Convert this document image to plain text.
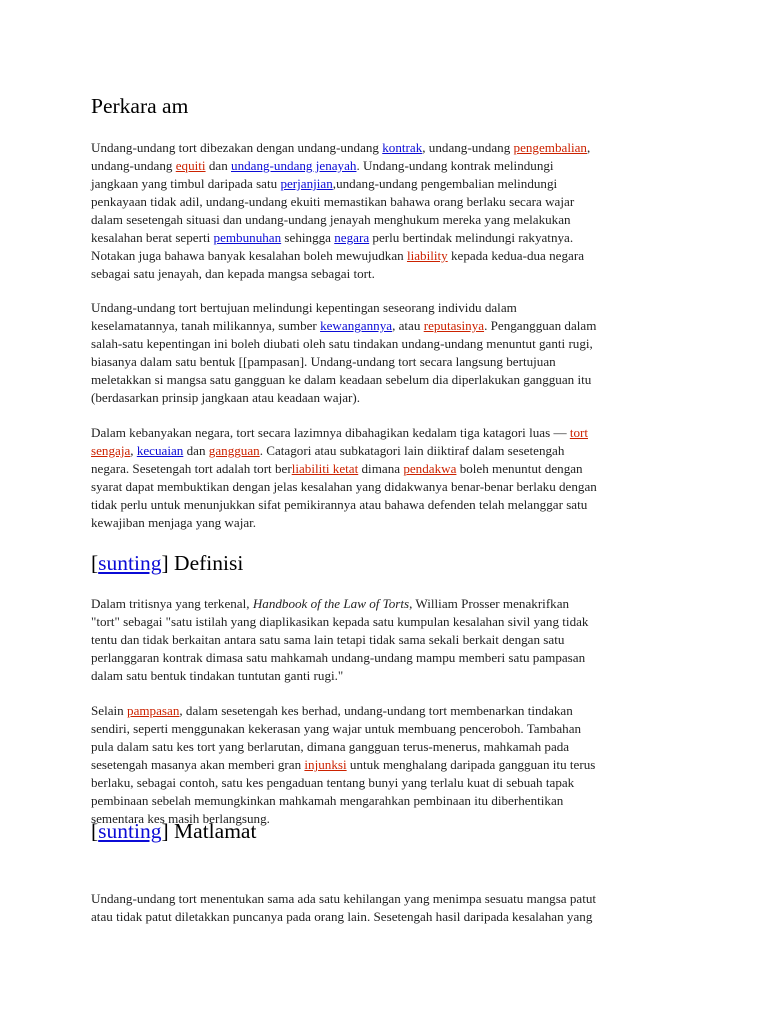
Perkara am

Undang-undang tort dibezakan dengan undang-undang kontrak, undang-undang pengembalian,
undang-undang equiti dan undang-undang jenayah. Undang-undang kontrak melindungi
jangkaan yang timbul daripada satu perjanjian,undang-undang pengembalian melindungi
penkayaan tidak adil, undang-undang ekuiti memastikan bahawa orang berlaku secara wajar
dalam sesetengah situasi dan undang-undang jenayah menghukum mereka yang melakukan
kesalahan berat seperti pembunuhan sehingga negara perlu bertindak melindungi rakyatnya.
Notakan juga bahawa banyak kesalahan boleh mewujudkan liability kepada kedua-dua negara
sebagai satu jenayah, dan kepada mangsa sebagai tort.

Undang-undang tort bertujuan melindungi kepentingan seseorang individu dalam
keselamatannya, tanah milikannya, sumber kewangannya, atau reputasinya. Pengangguan dalam
salah-satu kepentingan ini boleh diubati oleh satu tindakan undang-undang menuntut ganti rugi,
biasanya dalam satu bentuk [[pampasan]. Undang-undang tort secara langsung bertujuan
meletakkan si mangsa satu gangguan ke dalam keadaan sebelum dia diperlakukan gangguan itu
(berdasarkan prinsip jangkaan atau keadaan wajar).

Dalam kebanyakan negara, tort secara lazimnya dibahagikan kedalam tiga katagori luas — tort
sengaja, kecuaian dan gangguan. Catagori atau subkatagori lain diiktiraf dalam sesetengah
negara. Sesetengah tort adalah tort berliabiliti ketat dimana pendakwa boleh menuntut dengan
syarat dapat membuktikan dengan jelas kesalahan yang didakwanya benar-benar berlaku dengan
tidak perlu untuk menunjukkan sifat pemikirannya atau bahawa defenden telah melanggar satu
kewajiban menjaga yang wajar.

[sunting] Definisi

Dalam tritisnya yang terkenal, Handbook of the Law of Torts, William Prosser menakrifkan
"tort" sebagai "satu istilah yang diaplikasikan kepada satu kumpulan kesalahan sivil yang tidak
tentu dan tidak berkaitan antara satu sama lain tetapi tidak sama sekali berkait dengan satu
perlanggaran kontrak dimasa satu mahkamah undang-undang mampu memberi satu pampasan
dalam satu bentuk tindakan tuntutan ganti rugi."

Selain pampasan, dalam sesetengah kes berhad, undang-undang tort membenarkan tindakan
sendiri, seperti menggunakan kekerasan yang wajar untuk membuang penceroboh. Tambahan
pula dalam satu kes tort yang berlarutan, dimana gangguan terus-menerus, mahkamah pada
sesetengah masanya akan memberi gran injunksi untuk menghalang daripada gangguan itu terus
berlaku, sebagai contoh, satu kes pengaduan tentang bunyi yang terlalu kuat di sebuah tapak
pembinaan sebelah memungkinkan mahkamah mengarahkan pembinaan itu diberhentikan
sementara kes masih berlangsung.

[sunting] Matlamat

Undang-undang tort menentukan sama ada satu kehilangan yang menimpa sesuatu mangsa patut
atau tidak patut diletakkan puncanya pada orang lain. Sesetengah hasil daripada kesalahan yang
